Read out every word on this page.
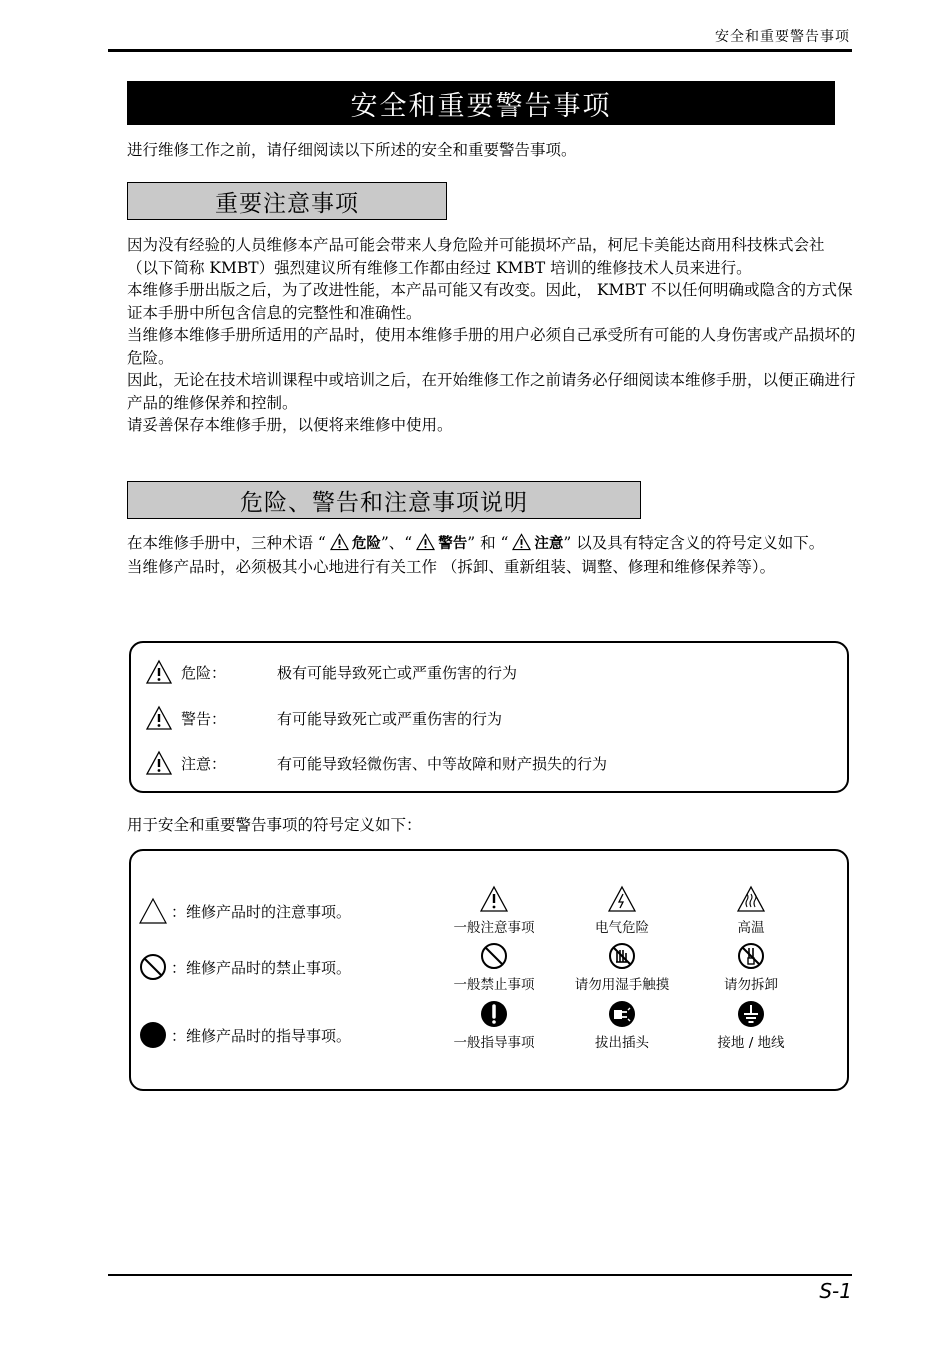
安全和重要警告事项
安全和重要警告事项
进行维修工作之前，请仔细阅读以下所述的安全和重要警告事项。
重要注意事项

因为没有经验的人员维修本产品可能会带来人身危险并可能损坏产品，柯尼卡美能达商用科技株式会社 （以下简称 KMBT）强烈建议所有维修工作都由经过 KMBT 培训的维修技术人员来进行。

本维修手册出版之后，为了改进性能，本产品可能又有改变。因此， KMBT 不以任何明确或隐含的方式保证本手册中所包含信息的完整性和准确性。

当维修本维修手册所适用的产品时，使用本维修手册的用户必须自己承受所有可能的人身伤害或产品损坏的危险。

因此，无论在技术培训课程中或培训之后，在开始维修工作之前请务必仔细阅读本维修手册，以便正确进行产品的维修保养和控制。

请妥善保存本维修手册，以便将来维修中使用。

危险、警告和注意事项说明

在本维修手册中，三种术语 “ 危险”、“ 警告” 和 “ 注意” 以及具有特定含义的符号定义如下。

当维修产品时，必须极其小心地进行有关工作 （拆卸、重新组装、调整、修理和维修保养等）。

危险：	极有可能导致死亡或严重伤害的行为
警告：	有可能导致死亡或严重伤害的行为
注意：	有可能导致轻微伤害、中等故障和财产损失的行为
用于安全和重要警告事项的符号定义如下：
：维修产品时的注意事项。
：维修产品时的禁止事项。
：维修产品时的指导事项。
一般注意事项	电气危险	高温
一般禁止事项	请勿用湿手触摸	请勿拆卸
一般指导事项	拔出插头	接地 / 地线
S-1
